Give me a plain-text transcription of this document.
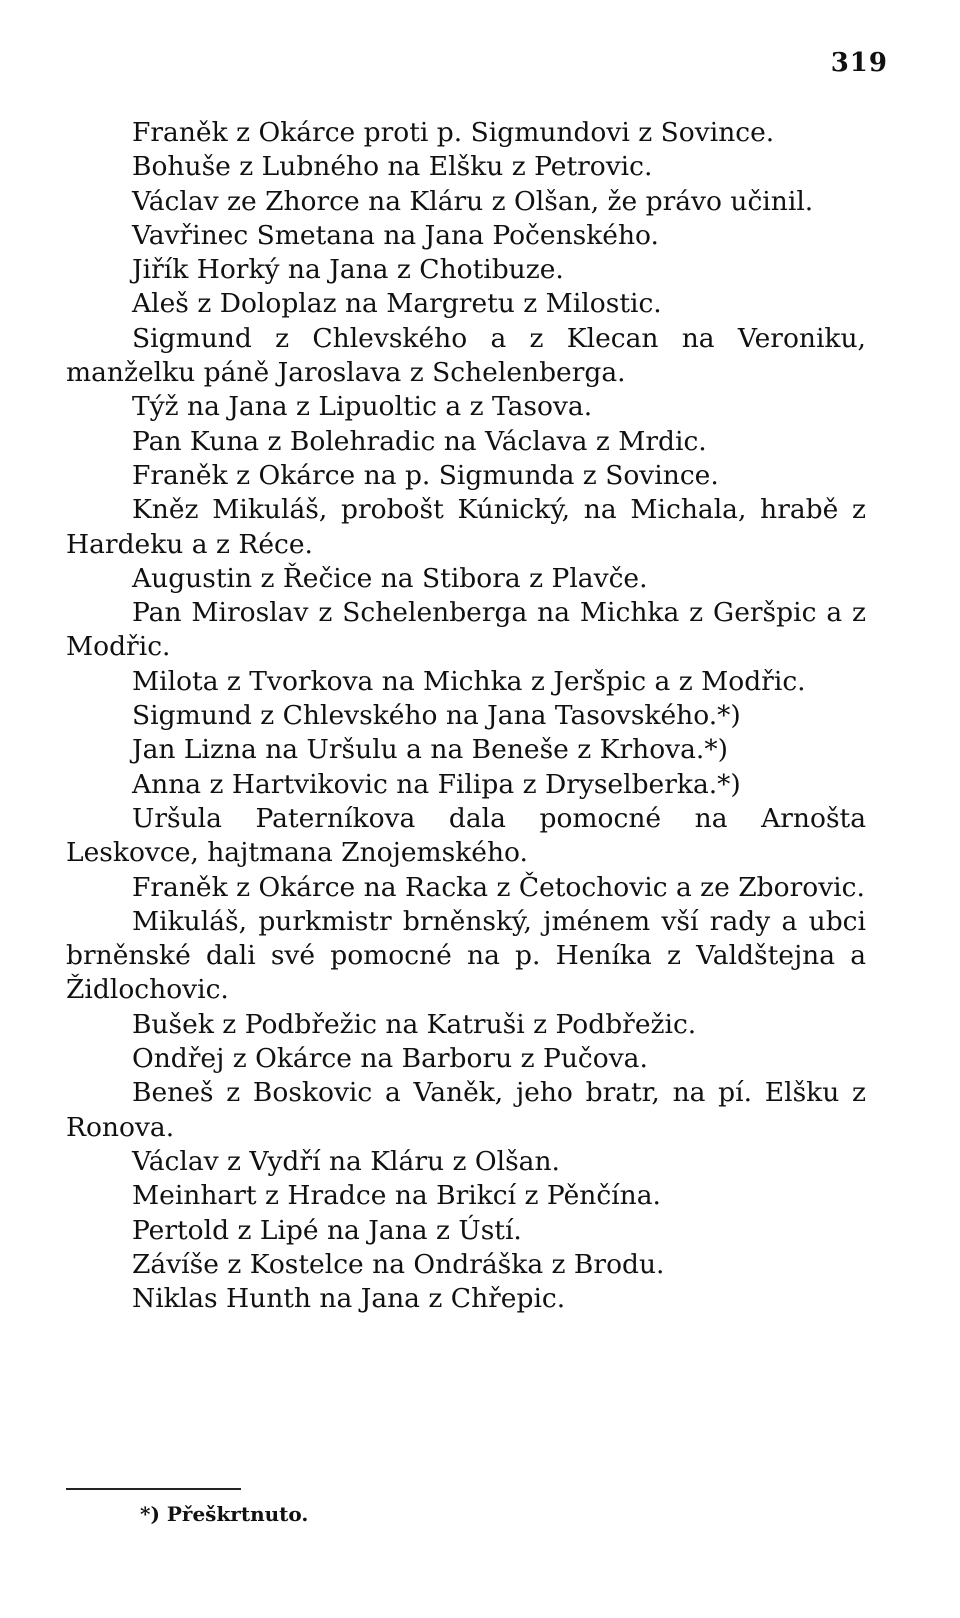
319
Franěk z Okárce proti p. Sigmundovi z Sovince.
Bohuše z Lubného na Elšku z Petrovic.
Václav ze Zhorce na Kláru z Olšan, že právo učinil.
Vavřinec Smetana na Jana Počenského.
Jiřík Horký na Jana z Chotibuze.
Aleš z Doloplaz na Margretu z Milostic.
Sigmund z Chlevského a z Klecan na Veroniku, manželku páně Jaroslava z Schelenberga.
Týž na Jana z Lipuoltic a z Tasova.
Pan Kuna z Bolehradic na Václava z Mrdic.
Franěk z Okárce na p. Sigmunda z Sovince.
Kněz Mikuláš, probošt Kúnický, na Michala, hrabě z Hardeku a z Réce.
Augustin z Řečice na Stibora z Plavče.
Pan Miroslav z Schelenberga na Michka z Geršpic a z Modřic.
Milota z Tvorkova na Michka z Jeršpic a z Modřic.
Sigmund z Chlevského na Jana Tasovského.*)
Jan Lizna na Uršulu a na Beneše z Krhova.*)
Anna z Hartvikovic na Filipa z Dryselberka.*)
Uršula Paterníkova dala pomocné na Arnošta Leskovce, hajtmana Znojemského.
Franěk z Okárce na Racka z Četochovic a ze Zborovic.
Mikuláš, purkmistr brněnský, jménem vší rady a ubci brněnské dali své pomocné na p. Heníka z Valdštejna a Židlochovic.
Bušek z Podbřežic na Katruši z Podbřežic.
Ondřej z Okárce na Barboru z Pučova.
Beneš z Boskovic a Vaněk, jeho bratr, na pí. Elšku z Ronova.
Václav z Vydří na Kláru z Olšan.
Meinhart z Hradce na Brikcí z Pěnčína.
Pertold z Lipé na Jana z Ústí.
Závíše z Kostelce na Ondráška z Brodu.
Niklas Hunth na Jana z Chřepic.
*) Přeškrtnuto.
